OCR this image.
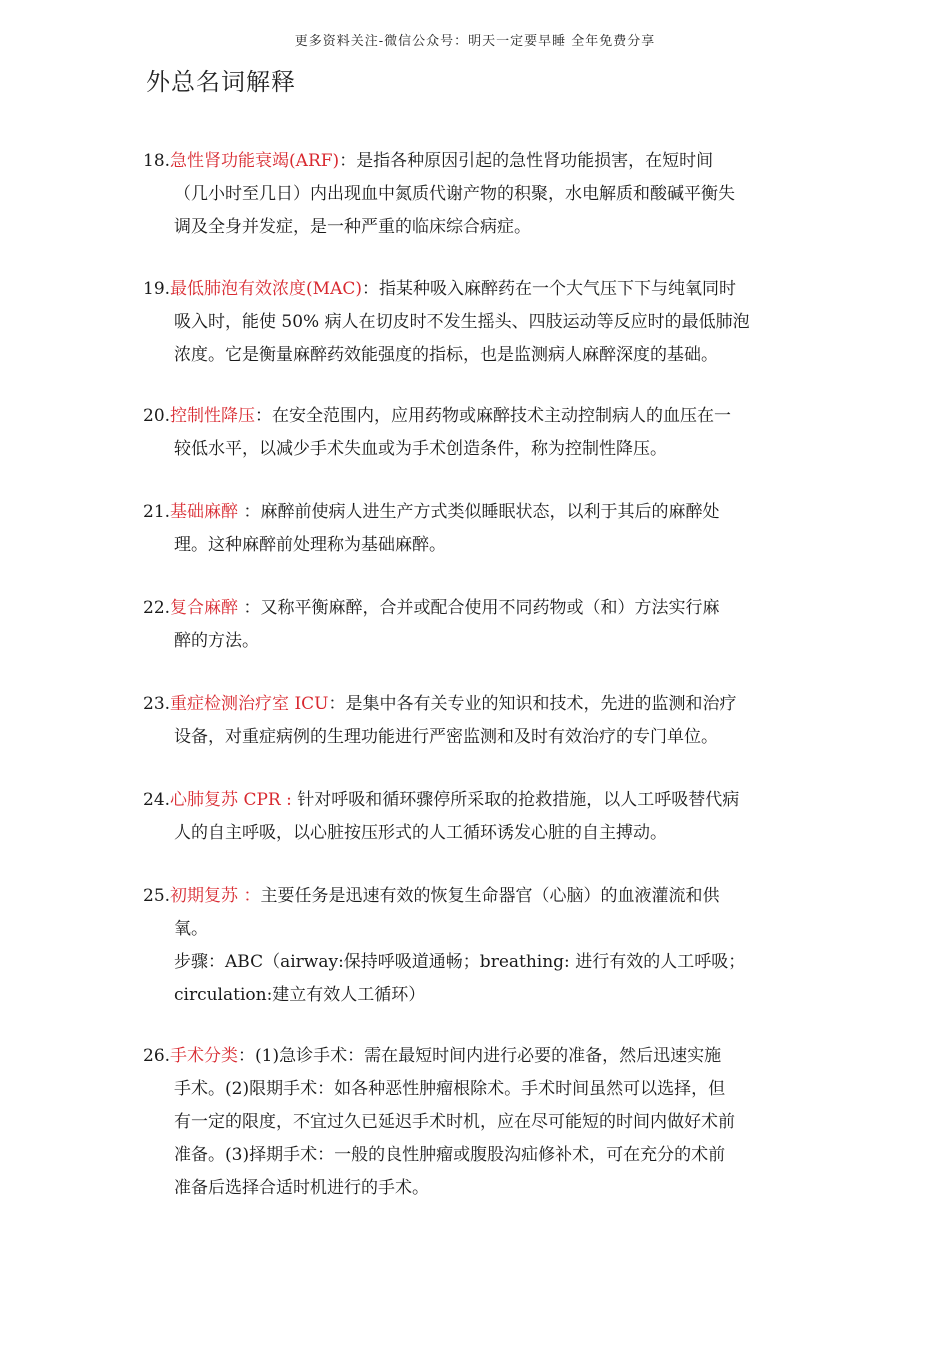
更多资料关注-微信公众号：明天一定要早睡 全年免费分享
外总名词解释
18.急性肾功能衰竭(ARF)：是指各种原因引起的急性肾功能损害，在短时间
（几小时至几日）内出现血中氮质代谢产物的积聚，水电解质和酸碱平衡失
调及全身并发症，是一种严重的临床综合病症。
19.最低肺泡有效浓度(MAC)：指某种吸入麻醉药在一个大气压下下与纯氧同时
吸入时，能使 50% 病人在切皮时不发生摇头、四肢运动等反应时的最低肺泡
浓度。它是衡量麻醉药效能强度的指标，也是监测病人麻醉深度的基础。
20.控制性降压：在安全范围内，应用药物或麻醉技术主动控制病人的血压在一
较低水平，以减少手术失血或为手术创造条件，称为控制性降压。
21.基础麻醉 ：麻醉前使病人进生产方式类似睡眠状态，以利于其后的麻醉处
理。这种麻醉前处理称为基础麻醉。
22.复合麻醉 ：又称平衡麻醉，合并或配合使用不同药物或（和）方法实行麻
醉的方法。
23.重症检测治疗室 ICU：是集中各有关专业的知识和技术，先进的监测和治疗
设备，对重症病例的生理功能进行严密监测和及时有效治疗的专门单位。
24.心肺复苏 CPR : 针对呼吸和循环骤停所采取的抢救措施，以人工呼吸替代病
人的自主呼吸，以心脏按压形式的人工循环诱发心脏的自主搏动。
25.初期复苏 ：主要任务是迅速有效的恢复生命器官（心脑）的血液灌流和供
氧。
步骤：ABC（airway:保持呼吸道通畅；breathing: 进行有效的人工呼吸；
circulation:建立有效人工循环）
26.手术分类：(1)急诊手术：需在最短时间内进行必要的准备，然后迅速实施
手术。(2)限期手术：如各种恶性肿瘤根除术。手术时间虽然可以选择，但
有一定的限度，不宜过久已延迟手术时机，应在尽可能短的时间内做好术前
准备。(3)择期手术：一般的良性肿瘤或腹股沟疝修补术，可在充分的术前
准备后选择合适时机进行的手术。
